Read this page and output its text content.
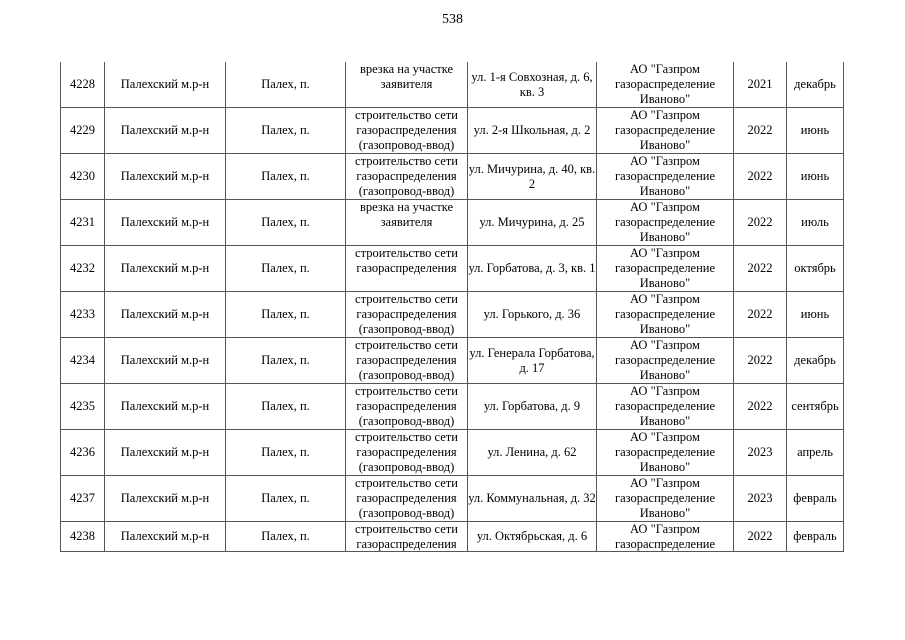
538
4228	Палехский м.р-н	Палех, п.	врезка на участке заявителя	ул. 1-я Совхозная, д. 6, кв. 3	АО "Газпром газораспределение Иваново"	2021	декабрь

4229	Палехский м.р-н	Палех, п.	строительство сети газораспределения (газопровод-ввод)	ул. 2-я Школьная, д. 2	АО "Газпром газораспределение Иваново"	2022	июнь

4230	Палехский м.р-н	Палех, п.	строительство сети газораспределения (газопровод-ввод)	ул. Мичурина, д. 40, кв. 2	АО "Газпром газораспределение Иваново"	2022	июнь

4231	Палехский м.р-н	Палех, п.	врезка на участке заявителя	ул. Мичурина, д. 25	АО "Газпром газораспределение Иваново"	2022	июль

4232	Палехский м.р-н	Палех, п.	строительство сети газораспределения	ул. Горбатова, д. 3, кв. 1	АО "Газпром газораспределение Иваново"	2022	октябрь

4233	Палехский м.р-н	Палех, п.	строительство сети газораспределения (газопровод-ввод)	ул. Горького, д. 36	АО "Газпром газораспределение Иваново"	2022	июнь

4234	Палехский м.р-н	Палех, п.	строительство сети газораспределения (газопровод-ввод)	ул. Генерала Горбатова, д. 17	АО "Газпром газораспределение Иваново"	2022	декабрь

4235	Палехский м.р-н	Палех, п.	строительство сети газораспределения (газопровод-ввод)	ул. Горбатова, д. 9	АО "Газпром газораспределение Иваново"	2022	сентябрь

4236	Палехский м.р-н	Палех, п.	строительство сети газораспределения (газопровод-ввод)	ул. Ленина, д. 62	АО "Газпром газораспределение Иваново"	2023	апрель

4237	Палехский м.р-н	Палех, п.	строительство сети газораспределения (газопровод-ввод)	ул. Коммунальная, д. 32	АО "Газпром газораспределение Иваново"	2023	февраль

4238	Палехский м.р-н	Палех, п.	строительство сети газораспределения	ул. Октябрьская, д. 6	АО "Газпром газораспределение	2022	февраль
